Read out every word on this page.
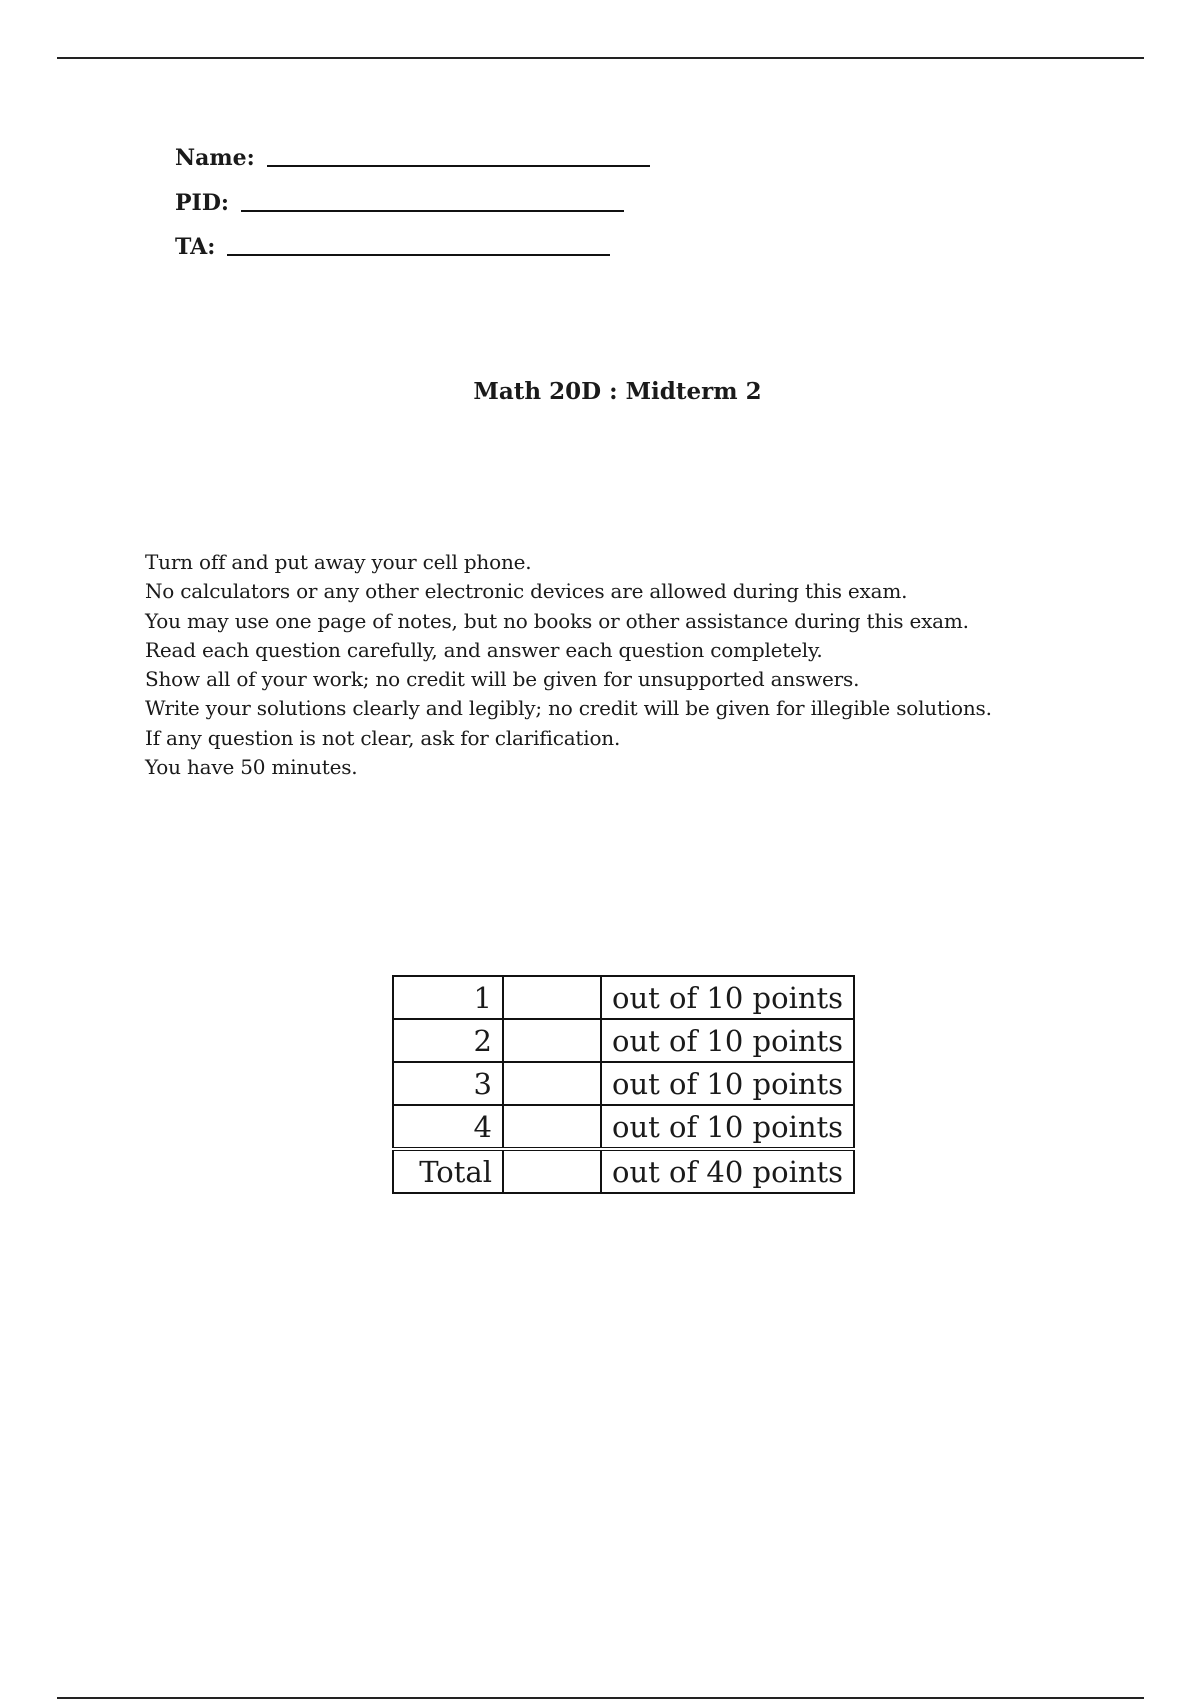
Name:
PID:
TA:
Math 20D : Midterm 2
Turn off and put away your cell phone.
No calculators or any other electronic devices are allowed during this exam.
You may use one page of notes, but no books or other assistance during this exam.
Read each question carefully, and answer each question completely.
Show all of your work; no credit will be given for unsupported answers.
Write your solutions clearly and legibly; no credit will be given for illegible solutions.
If any question is not clear, ask for clarification.
You have 50 minutes.
1		out of 10 points
2		out of 10 points
3		out of 10 points
4		out of 10 points
Total		out of 40 points
